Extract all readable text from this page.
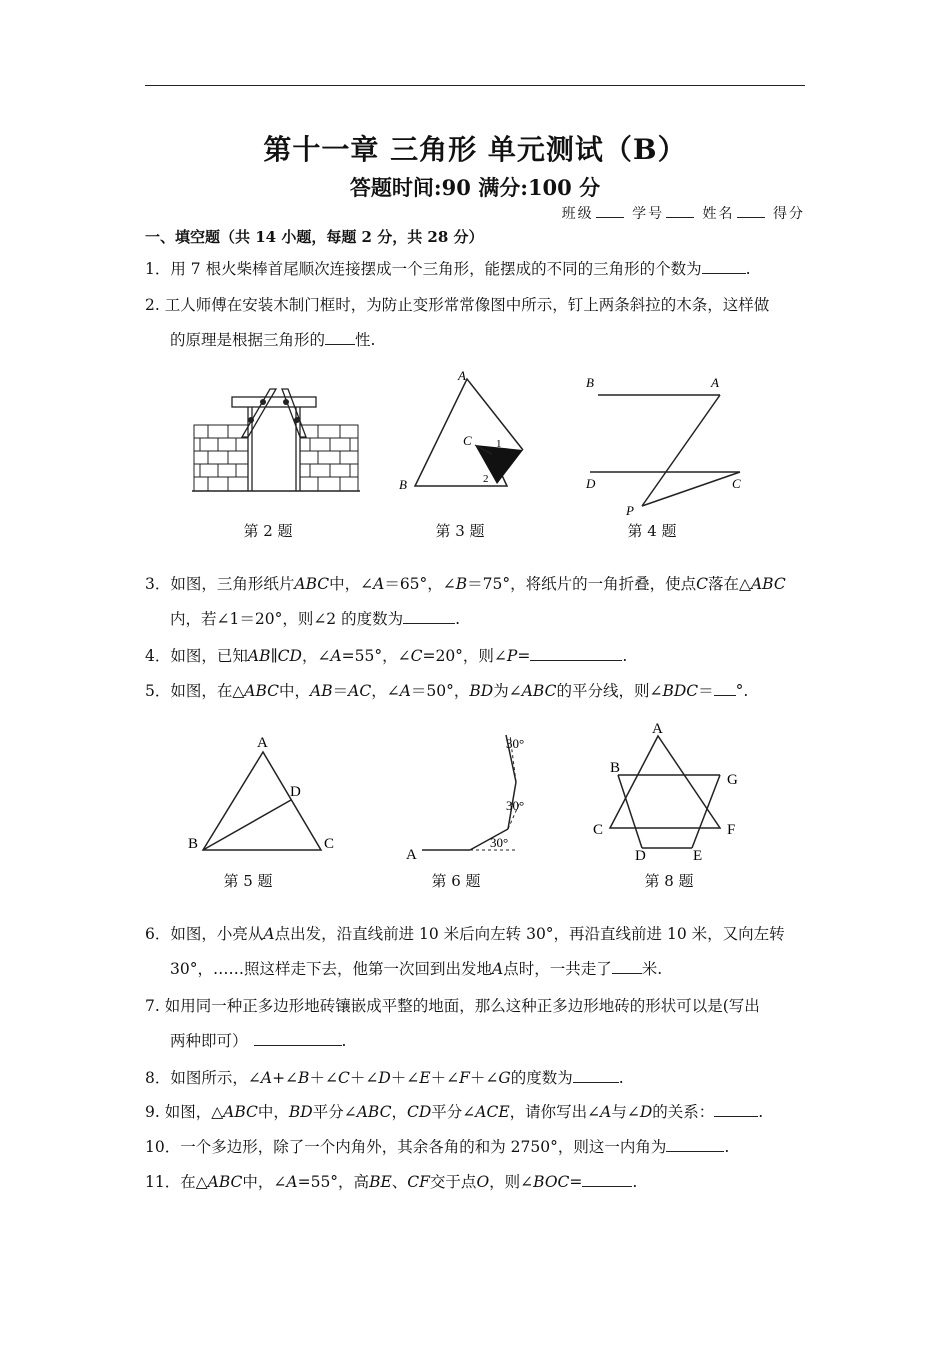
第十一章 三角形 单元测试（B）
答题时间:90 满分:100 分
班级	学号	姓名	得分
一、填空题（共 14 小题，每题 2 分，共 28 分）
1．用 7 根火柴棒首尾顺次连接摆成一个三角形，能摆成的不同的三角形的个数为	.
2. 工人师傅在安装木制门框时，为防止变形常常像图中所示，钉上两条斜拉的木条，这样做
的原理是根据三角形的 性.
A
B
C 1
2
B	A
D	C
P
第 2 题	第 3 题	第 4 题
3．如图，三角形纸片ABC中，∠A＝65°，∠B＝75°，将纸片的一角折叠，使点C落在△ABC
内，若∠1＝20°，则∠2 的度数为	.
4．如图，已知AB∥CD，∠A=55°，∠C=20°，则∠P=	.
5．如图，在△ABC中，AB＝AC，∠A＝50°，BD为∠ABC的平分线，则∠BDC＝ °.
A
B	C
D
A
30°
30°
30°
A
B
G
C	F
D	E
第 5 题	第 6 题	第 8 题
6．如图，小亮从A点出发，沿直线前进 10 米后向左转 30°，再沿直线前进 10 米，又向左转
30°，……照这样走下去，他第一次回到出发地A点时，一共走了 米.
7. 如用同一种正多边形地砖镶嵌成平整的地面，那么这种正多边形地砖的形状可以是(写出
两种即可）	.
8．如图所示，∠A+∠B＋∠C＋∠D＋∠E＋∠F＋∠G的度数为	.
9. 如图，△ABC中，BD平分∠ABC，CD平分∠ACE，请你写出∠A与∠D的关系：	.
10．一个多边形，除了一个内角外，其余各角的和为 2750°，则这一内角为	.
11．在△ABC中，∠A=55°，高BE、CF交于点O，则∠BOC=	.
